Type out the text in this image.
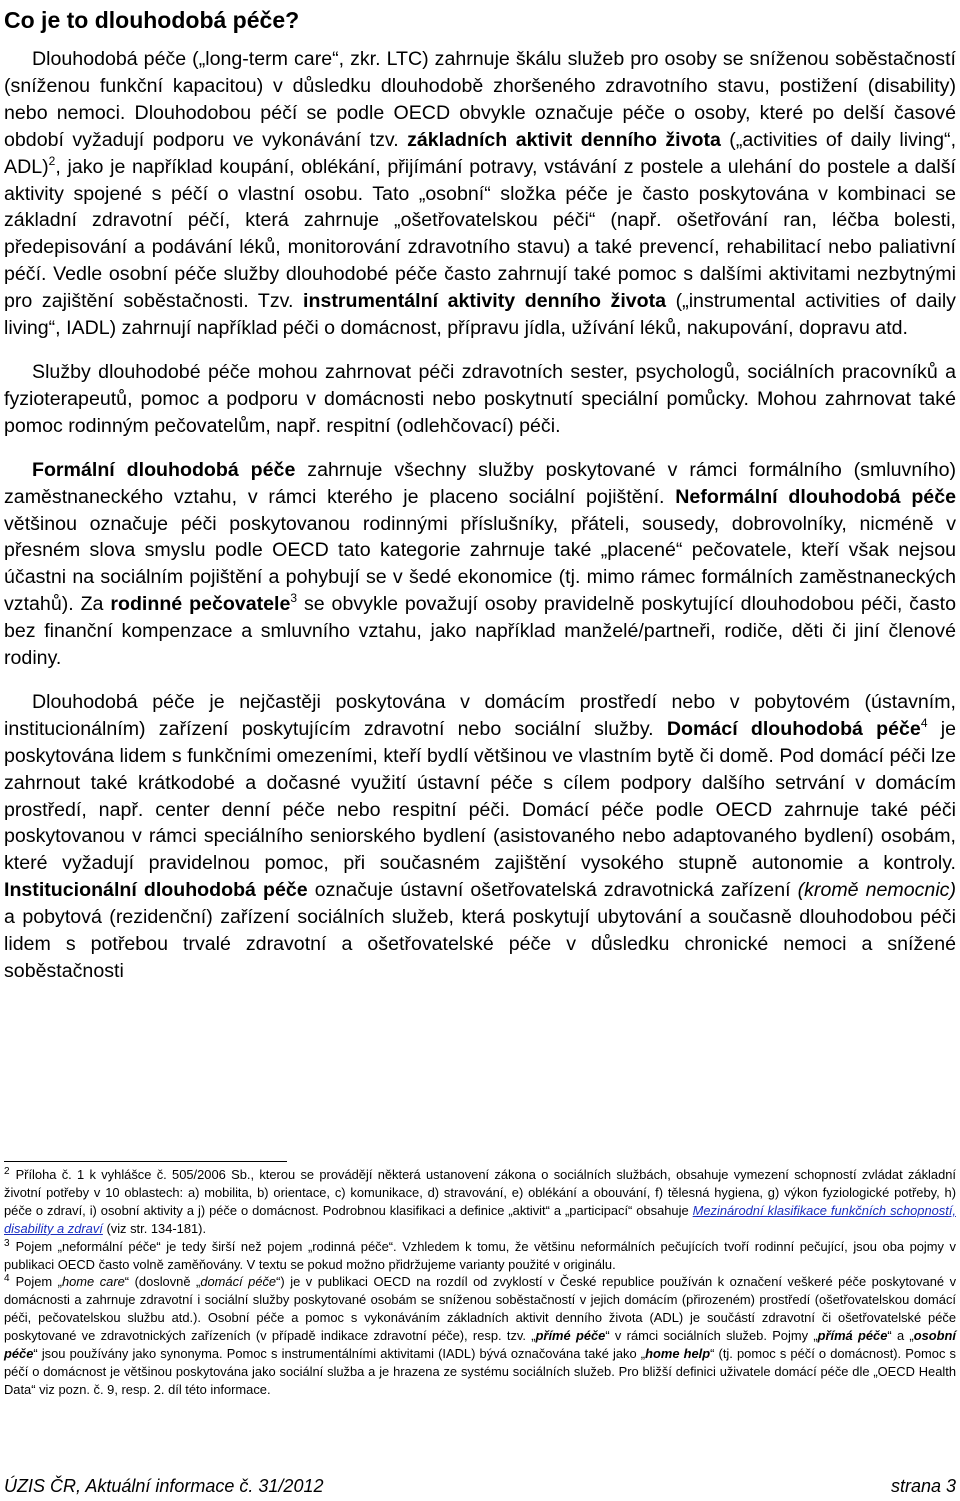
Co je to dlouhodobá péče?

Dlouhodobá péče („long-term care“, zkr. LTC) zahrnuje škálu služeb pro osoby se sníženou soběstačností (sníženou funkční kapacitou) v důsledku dlouhodobě zhoršeného zdravotního stavu, postižení (disability) nebo nemoci. Dlouhodobou péčí se podle OECD obvykle označuje péče o osoby, které po delší časové období vyžadují podporu ve vykonávání tzv. základních aktivit denního života („activities of daily living“, ADL)$^2$, jako je například koupání, oblékání, přijímání potravy, vstávání z postele a ulehání do postele a další aktivity spojené s péčí o vlastní osobu. Tato „osobní“ složka péče je často poskytována v kombinaci se základní zdravotní péčí, která zahrnuje „ošetřovatelskou péči“ (např. ošetřování ran, léčba bolesti, předepisování a podávání léků, monitorování zdravotního stavu) a také prevencí, rehabilitací nebo paliativní péčí. Vedle osobní péče služby dlouhodobé péče často zahrnují také pomoc s dalšími aktivitami nezbytnými pro zajištění soběstačnosti. Tzv. instrumentální aktivity denního života („instrumental activities of daily living“, IADL) zahrnují například péči o domácnost, přípravu jídla, užívání léků, nakupování, dopravu atd.

Služby dlouhodobé péče mohou zahrnovat péči zdravotních sester, psychologů, sociálních pracovníků a fyzioterapeutů, pomoc a podporu v domácnosti nebo poskytnutí speciální pomůcky. Mohou zahrnovat také pomoc rodinným pečovatelům, např. respitní (odlehčovací) péči.

Formální dlouhodobá péče zahrnuje všechny služby poskytované v rámci formálního (smluvního) zaměstnaneckého vztahu, v rámci kterého je placeno sociální pojištění. Neformální dlouhodobá péče většinou označuje péči poskytovanou rodinnými příslušníky, přáteli, sousedy, dobrovolníky, nicméně v přesném slova smyslu podle OECD tato kategorie zahrnuje také „placené“ pečovatele, kteří však nejsou účastni na sociálním pojištění a pohybují se v šedé ekonomice (tj. mimo rámec formálních zaměstnaneckých vztahů). Za rodinné pečovatele$^3$ se obvykle považují osoby pravidelně poskytující dlouhodobou péči, často bez finanční kompenzace a smluvního vztahu, jako například manželé/partneři, rodiče, děti či jiní členové rodiny.

Dlouhodobá péče je nejčastěji poskytována v domácím prostředí nebo v pobytovém (ústavním, institucionálním) zařízení poskytujícím zdravotní nebo sociální služby. Domácí dlouhodobá péče$^4$ je poskytována lidem s funkčními omezeními, kteří bydlí většinou ve vlastním bytě či domě. Pod domácí péči lze zahrnout také krátkodobé a dočasné využití ústavní péče s cílem podpory dalšího setrvání v domácím prostředí, např. center denní péče nebo respitní péči. Domácí péče podle OECD zahrnuje také péči poskytovanou v rámci speciálního seniorského bydlení (asistovaného nebo adaptovaného bydlení) osobám, které vyžadují pravidelnou pomoc, při současném zajištění vysokého stupně autonomie a kontroly. Institucionální dlouhodobá péče označuje ústavní ošetřovatelská zdravotnická zařízení (kromě nemocnic) a pobytová (rezidenční) zařízení sociálních služeb, která poskytují ubytování a současně dlouhodobou péči lidem s potřebou trvalé zdravotní a ošetřovatelské péče v důsledku chronické nemoci a snížené soběstačnosti

$^2$ Příloha č. 1 k vyhlášce č. 505/2006 Sb., kterou se provádějí některá ustanovení zákona o sociálních službách, obsahuje vymezení schopností zvládat základní životní potřeby v 10 oblastech: a) mobilita, b) orientace, c) komunikace, d) stravování, e) oblékání a obouvání, f) tělesná hygiena, g) výkon fyziologické potřeby, h) péče o zdraví, i) osobní aktivity a j) péče o domácnost. Podrobnou klasifikaci a definice „aktivit“ a „participací“ obsahuje Mezinárodní klasifikace funkčních schopností, disability a zdraví (viz str. 134-181).

$^3$ Pojem „neformální péče“ je tedy širší než pojem „rodinná péče“. Vzhledem k tomu, že většinu neformálních pečujících tvoří rodinní pečující, jsou oba pojmy v publikaci OECD často volně zaměňovány. V textu se pokud možno přidržujeme varianty použité v originálu.

$^4$ Pojem „home care“ (doslovně „domácí péče“) je v publikaci OECD na rozdíl od zvyklostí v České republice používán k označení veškeré péče poskytované v domácnosti a zahrnuje zdravotní i sociální služby poskytované osobám se sníženou soběstačností v jejich domácím (přirozeném) prostředí (ošetřovatelskou domácí péči, pečovatelskou službu atd.). Osobní péče a pomoc s vykonáváním základních aktivit denního života (ADL) je součástí zdravotní či ošetřovatelské péče poskytované ve zdravotnických zařízeních (v případě indikace zdravotní péče), resp. tzv. „přímé péče“ v rámci sociálních služeb. Pojmy „přímá péče“ a „osobní péče“ jsou používány jako synonyma. Pomoc s instrumentálními aktivitami (IADL) bývá označována také jako „home help“ (tj. pomoc s péčí o domácnost). Pomoc s péčí o domácnost je většinou poskytována jako sociální služba a je hrazena ze systému sociálních služeb. Pro bližší definici uživatele domácí péče dle „OECD Health Data“ viz pozn. č. 9, resp. 2. díl této informace.

ÚZIS ČR, Aktuální informace č. 31/2012	strana 3
